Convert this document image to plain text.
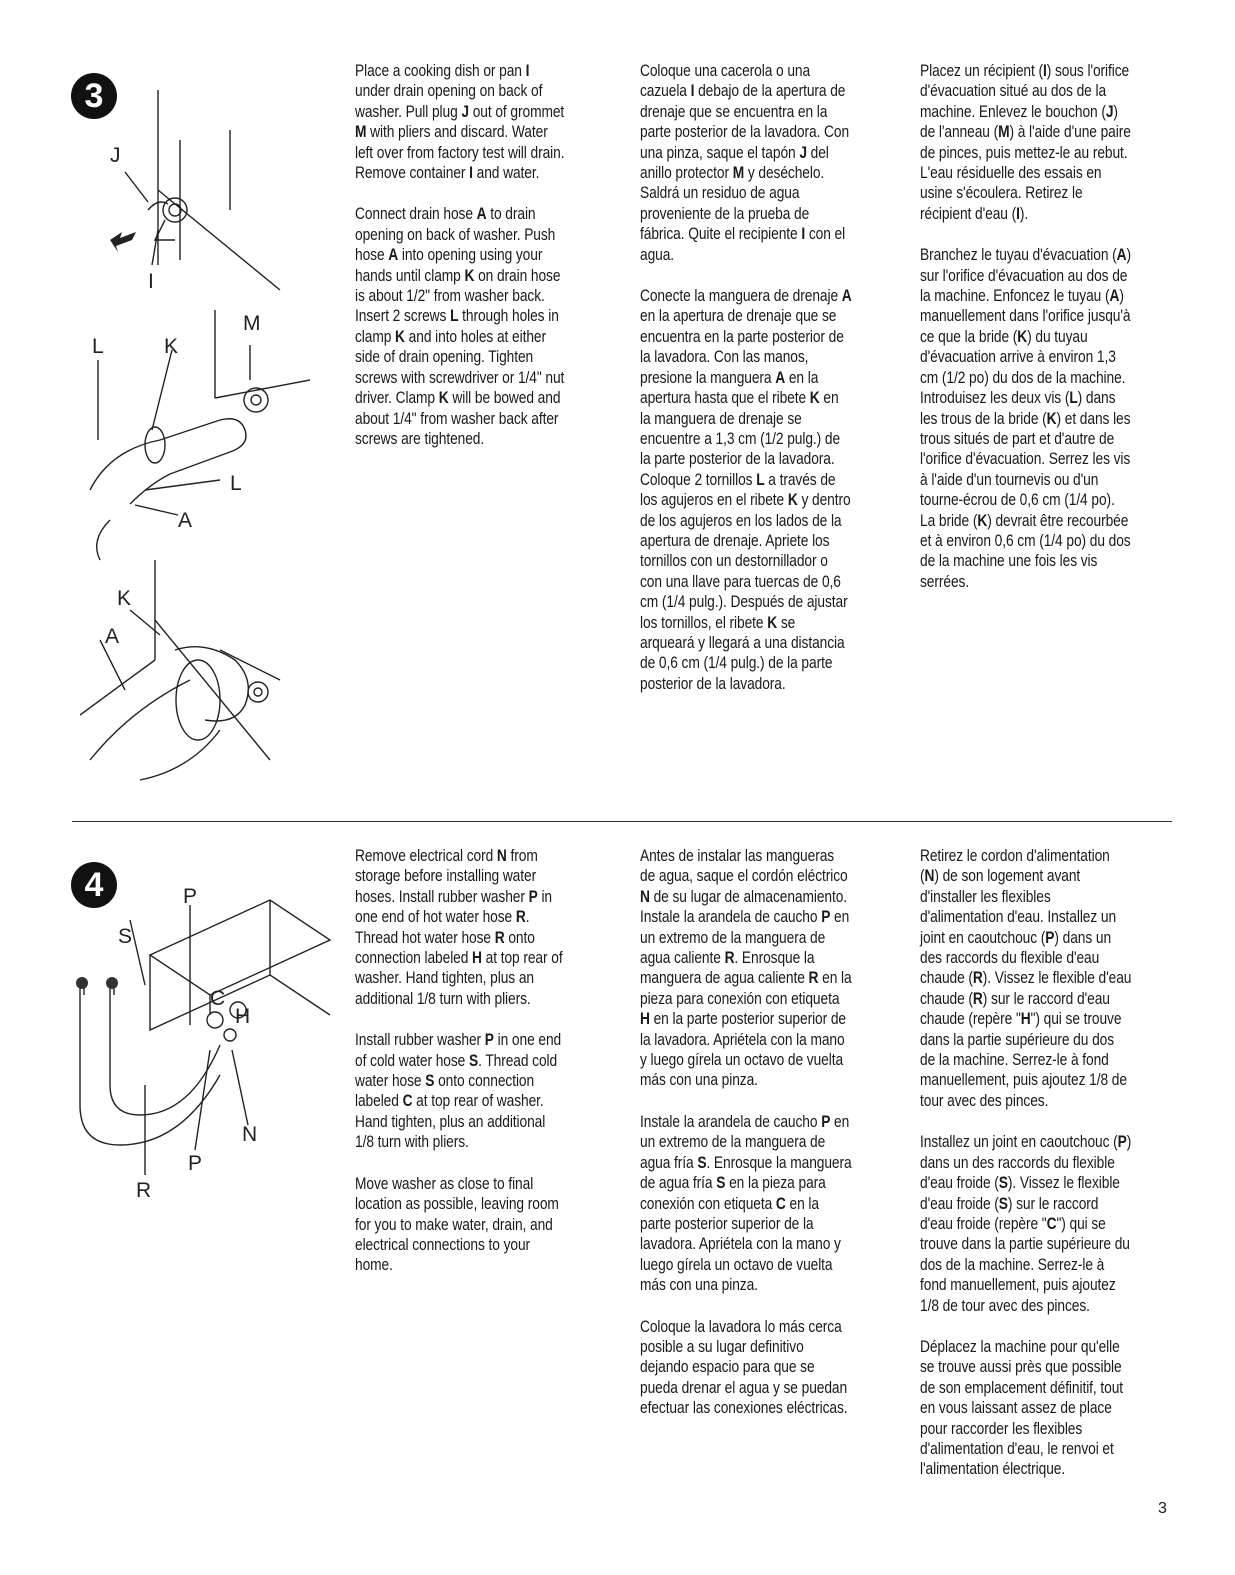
3
J
I
M
L	K
L
A
K
A

Place a cooking dish or pan I under drain opening on back of washer. Pull plug J out of grommet M with pliers and discard. Water left over from factory test will drain. Remove container I and water.

Connect drain hose A to drain opening on back of washer. Push hose A into opening using your hands until clamp K on drain hose is about 1/2" from washer back. Insert 2 screws L through holes in clamp K and into holes at either side of drain opening. Tighten screws with screwdriver or 1/4" nut driver. Clamp K will be bowed and about 1/4" from washer back after screws are tightened.

Coloque una cacerola o una cazuela I debajo de la apertura de drenaje que se encuentra en la parte posterior de la lavadora. Con una pinza, saque el tapón J del anillo protector M y deséchelo. Saldrá un residuo de agua proveniente de la prueba de fábrica. Quite el recipiente I con el agua.

Conecte la manguera de drenaje A en la apertura de drenaje que se encuentra en la parte posterior de la lavadora. Con las manos, presione la manguera A en la apertura hasta que el ribete K en la manguera de drenaje se encuentre a 1,3 cm (1/2 pulg.) de la parte posterior de la lavadora. Coloque 2 tornillos L a través de los agujeros en el ribete K y dentro de los agujeros en los lados de la apertura de drenaje. Apriete los tornillos con un destornillador o con una llave para tuercas de 0,6 cm (1/4 pulg.). Después de ajustar los tornillos, el ribete K se arqueará y llegará a una distancia de 0,6 cm (1/4 pulg.) de la parte posterior de la lavadora.

Placez un récipient (I) sous l'orifice d'évacuation situé au dos de la machine. Enlevez le bouchon (J) de l'anneau (M) à l'aide d'une paire de pinces, puis mettez-le au rebut. L'eau résiduelle des essais en usine s'écoulera. Retirez le récipient d'eau (I).

Branchez le tuyau d'évacuation (A) sur l'orifice d'évacuation au dos de la machine. Enfoncez le tuyau (A) manuellement dans l'orifice jusqu'à ce que la bride (K) du tuyau d'évacuation arrive à environ 1,3 cm (1/2 po) du dos de la machine. Introduisez les deux vis (L) dans les trous de la bride (K) et dans les trous situés de part et d'autre de l'orifice d'évacuation. Serrez les vis à l'aide d'un tournevis ou d'un tourne-écrou de 0,6 cm (1/4 po). La bride (K) devrait être recourbée et à environ 0,6 cm (1/4 po) du dos de la machine une fois les vis serrées.

4	P
S
C
H
N
P
R

Remove electrical cord N from storage before installing water hoses. Install rubber washer P in one end of hot water hose R. Thread hot water hose R onto connection labeled H at top rear of washer. Hand tighten, plus an additional 1/8 turn with pliers.

Install rubber washer P in one end of cold water hose S. Thread cold water hose S onto connection labeled C at top rear of washer. Hand tighten, plus an additional 1/8 turn with pliers.

Move washer as close to final location as possible, leaving room for you to make water, drain, and electrical connections to your home.

Antes de instalar las mangueras de agua, saque el cordón eléctrico N de su lugar de almacenamiento. Instale la arandela de caucho P en un extremo de la manguera de agua caliente R. Enrosque la manguera de agua caliente R en la pieza para conexión con etiqueta H en la parte posterior superior de la lavadora. Apriételа con la mano y luego gírela un octavo de vuelta más con una pinza.

Instale la arandela de caucho P en un extremo de la manguera de agua fría S. Enrosque la manguera de agua fría S en la pieza para conexión con etiqueta C en la parte posterior superior de la lavadora. Apriétela con la mano y luego gírela un octavo de vuelta más con una pinza.

Coloque la lavadora lo más cerca posible a su lugar definitivo dejando espacio para que se pueda drenar el agua y se puedan efectuar las conexiones eléctricas.

Retirez le cordon d'alimentation (N) de son logement avant d'installer les flexibles d'alimentation d'eau. Installez un joint en caoutchouc (P) dans un des raccords du flexible d'eau chaude (R). Vissez le flexible d'eau chaude (R) sur le raccord d'eau chaude (repère "H") qui se trouve dans la partie supérieure du dos de la machine. Serrez-le à fond manuellement, puis ajoutez 1/8 de tour avec des pinces.

Installez un joint en caoutchouc (P) dans un des raccords du flexible d'eau froide (S). Vissez le flexible d'eau froide (S) sur le raccord d'eau froide (repère "C") qui se trouve dans la partie supérieure du dos de la machine. Serrez-le à fond manuellement, puis ajoutez 1/8 de tour avec des pinces.

Déplacez la machine pour qu'elle se trouve aussi près que possible de son emplacement définitif, tout en vous laissant assez de place pour raccorder les flexibles d'alimentation d'eau, le renvoi et l'alimentation électrique.

3
